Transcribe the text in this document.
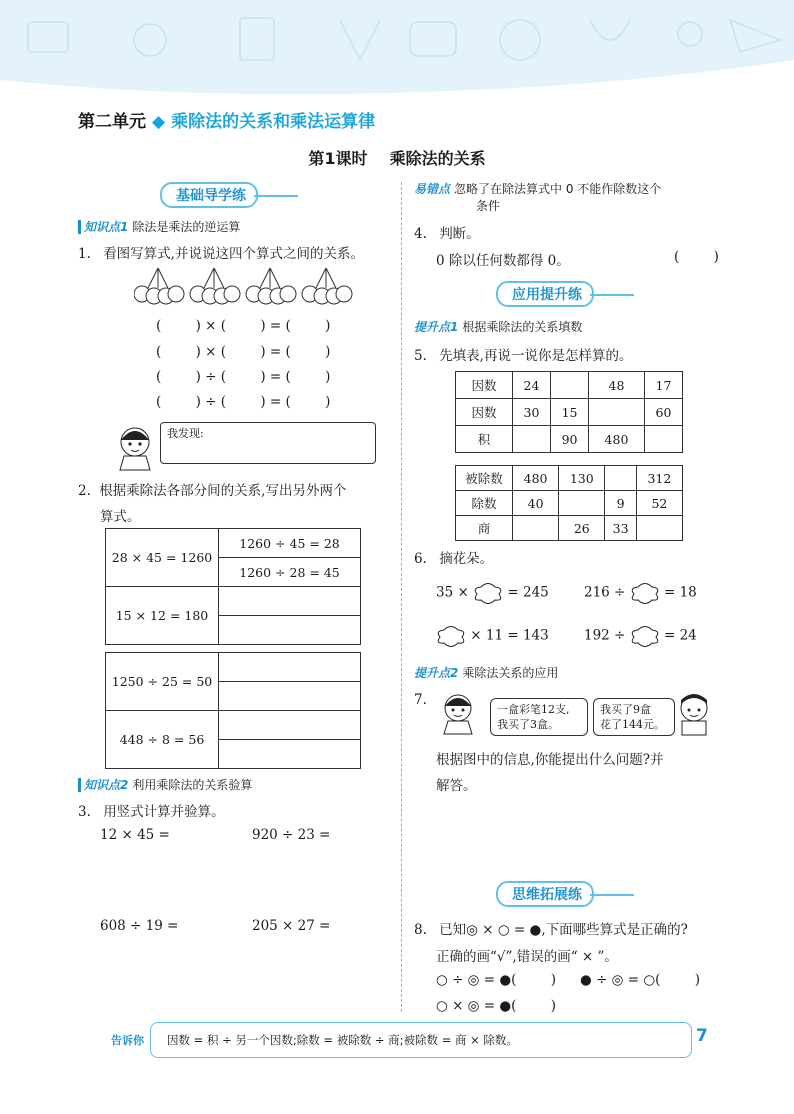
第二单元 ◆ 乘除法的关系和乘法运算律
第1课时 乘除法的关系
基础导学练
知识点1 除法是乘法的逆运算
1. 看图写算式,并说说这四个算式之间的关系。
(        ) × (        ) = (        )
(        ) × (        ) = (        )
(        ) ÷ (        ) = (        )
(        ) ÷ (        ) = (        )
我发现:
2. 根据乘除法各部分间的关系,写出另外两个
算式。
28 × 45 = 1260	1260 ÷ 45 = 28
	1260 ÷ 28 = 45
15 × 12 = 180	

1250 ÷ 25 = 50	

448 ÷ 8 = 56	

知识点2 利用乘除法的关系验算
3. 用竖式计算并验算。
12 × 45 =	920 ÷ 23 =
608 ÷ 19 =	205 × 27 =
易错点 忽略了在除法算式中 0 不能作除数这个
条件
4. 判断。
0 除以任何数都得 0。	(        )
应用提升练
提升点1 根据乘除法的关系填数
5. 先填表,再说一说你是怎样算的。
因数	24		48	17
因数	30	15		60
积		90	480	
被除数	480	130		312
除数	40		9	52
商		26	33	
6. 摘花朵。
35 ×	= 245	216 ÷	= 18
× 11 = 143	192 ÷	= 24
提升点2 乘除法关系的应用
7.
一盒彩笔12支,
我买了3盒。
我买了9盒
花了144元。
根据图中的信息,你能提出什么问题?并
解答。
思维拓展练
8. 已知◎ × ○ = ●,下面哪些算式是正确的?
正确的画“√”,错误的画“ × ”。
○ ÷ ◎ = ●(        ) ● ÷ ◎ = ○(        )
○ × ◎ = ●(        )
告诉你 因数 = 积 ÷ 另一个因数;除数 = 被除数 ÷ 商;被除数 = 商 × 除数。	7
